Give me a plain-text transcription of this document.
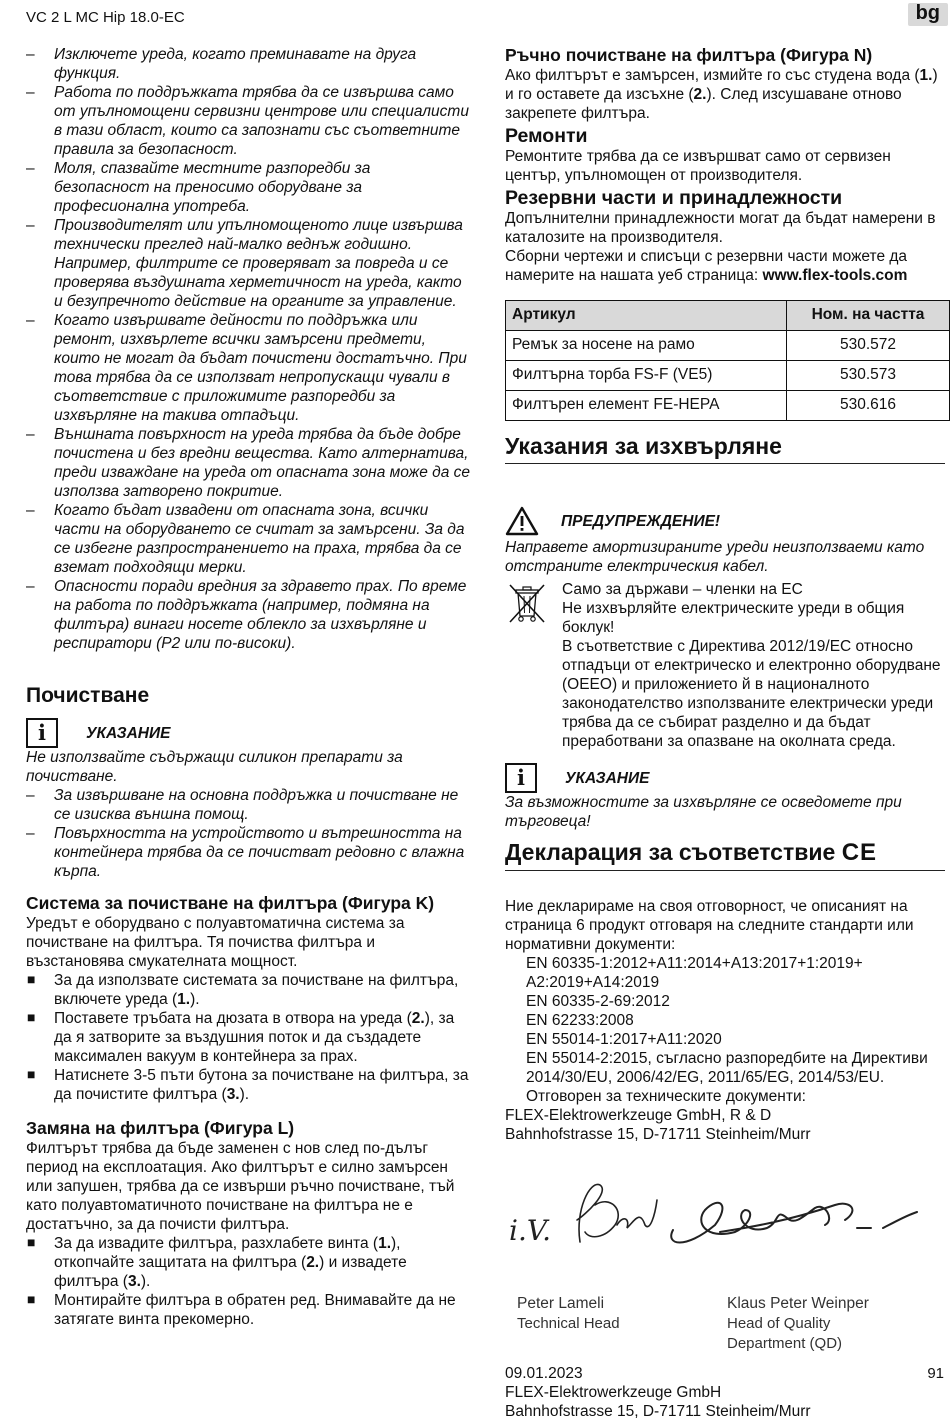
VC 2 L MC Hip 18.0-EC	bg
– Изключете уреда, когато преминавате на друга функция.
– Работа по поддръжката трябва да се извършва само от упълномощени сервизни центрове или специалисти в тази област, които са запознати със съответните правила за безопасност.
– Моля, спазвайте местните разпоредби за безопасност на преносимо оборудване за професионална употреба.
– Производителят или упълномощеното лице извършва технически преглед най-малко веднъж годишно. Например, филтрите се проверяват за повреда и се проверява въздушната херметичност на уреда, както и безупречното действие на органите за управление.
– Когато извършвате дейности по поддръжка или ремонт, изхвърлете всички замърсени предмети, които не могат да бъдат почистени достатъчно. При това трябва да се използват непропускащи чували в съответствие с приложимите разпоредби за изхвърляне на такива отпадъци.
– Външната повърхност на уреда трябва да бъде добре почистена и без вредни вещества. Като алтернатива, преди изваждане на уреда от опасната зона може да се използва затворено покритие.
– Когато бъдат извадени от опасната зона, всички части на оборудването се считат за замърсени. За да се избегне разпространението на праха, трябва да се вземат подходящи мерки.
– Опасности поради вредния за здравето прах. По време на работа по поддръжката (например, подмяна на филтъра) винаги носете облекло за изхвърляне и респиратори (P2 или по-високи).
Почистване
i	УКАЗАНИЕ
Не използвайте съдържащи силикон препарати за почистване.
– За извършване на основна поддръжка и почистване не се изисква външна помощ.
– Повърхността на устройството и вътрешността на контейнера трябва да се почистват редовно с влажна кърпа.
Система за почистване на филтъра (Фигура K)
Уредът е оборудвано с полуавтоматична система за почистване на филтъра. Тя почиства филтъра и възстановява смукателната мощност.
■ За да използвате системата за почистване на филтъра, включете уреда (1.).
■ Поставете тръбата на дюзата в отвора на уреда (2.), за да я затворите за въздушния поток и да създадете максимален вакуум в контейнера за прах.
■ Натиснете 3-5 пъти бутона за почистване на филтъра, за да почистите филтъра (3.).
Замяна на филтъра (Фигура L)
Филтърът трябва да бъде заменен с нов след по-дълъг период на експлоатация. Ако филтърът е силно замърсен или запушен, трябва да се извърши ръчно почистване, тъй като полуавтоматичното почистване на филтъра не е достатъчно, за да почисти филтъра.
■ За да извадите филтъра, разхлабете винта (1.), откопчайте защитата на филтъра (2.) и извадете филтъра (3.).
■ Монтирайте филтъра в обратен ред. Внимавайте да не затягате винта прекомерно.
Ръчно почистване на филтъра (Фигура N)
Ако филтърът е замърсен, измийте го със студена вода (1.) и го оставете да изсъхне (2.). След изсушаване отново закрепете филтъра.
Ремонти
Ремонтите трябва да се извършват само от сервизен център, упълномощен от производителя.
Резервни части и принадлежности
Допълнителни принадлежности могат да бъдат намерени в каталозите на производителя.
Сборни чертежи и списъци с резервни части можете да намерите на нашата уеб страница: www.flex-tools.com
Артикул	Ном. на частта
Ремък за носене на рамо	530.572
Филтърна торба FS-F (VE5)	530.573
Филтърен елемент FE-HEPA	530.616
Указания за изхвърляне
ПРЕДУПРЕЖДЕНИЕ!
Направете амортизираните уреди неизползваеми като отстраните електрическия кабел.
Само за държави – членки на ЕС
Не изхвърляйте електрическите уреди в общия боклук!
В съответствие с Директива 2012/19/ЕС относно отпадъци от електрическо и електронно оборудване (ОЕЕО) и приложението й в националното законодателство използваните електрически уреди трябва да се събират разделно и да бъдат преработвани за опазване на околната среда.
i	УКАЗАНИЕ
За възможностите за изхвърляне се осведомете при търговеца!
Декларация за съответствие CE
Ние декларираме на своя отговорност, че описаният на страница 6 продукт отговаря на следните стандарти или нормативни документи:
EN 60335-1:2012+A11:2014+A13:2017+1:2019+ A2:2019+A14:2019
EN 60335-2-69:2012
EN 62233:2008
EN 55014-1:2017+A11:2020
EN 55014-2:2015, съгласно разпоредбите на Директиви 2014/30/EU, 2006/42/EG, 2011/65/EG, 2014/53/EU.
Отговорен за техническите документи:
FLEX-Elektrowerkzeuge GmbH, R & D
Bahnhofstrasse 15, D-71711 Steinheim/Murr
i.V.
Peter Lameli
Technical Head
Klaus Peter Weinper
Head of Quality
Department (QD)
09.01.2023
FLEX-Elektrowerkzeuge GmbH
Bahnhofstrasse 15, D-71711 Steinheim/Murr
91
